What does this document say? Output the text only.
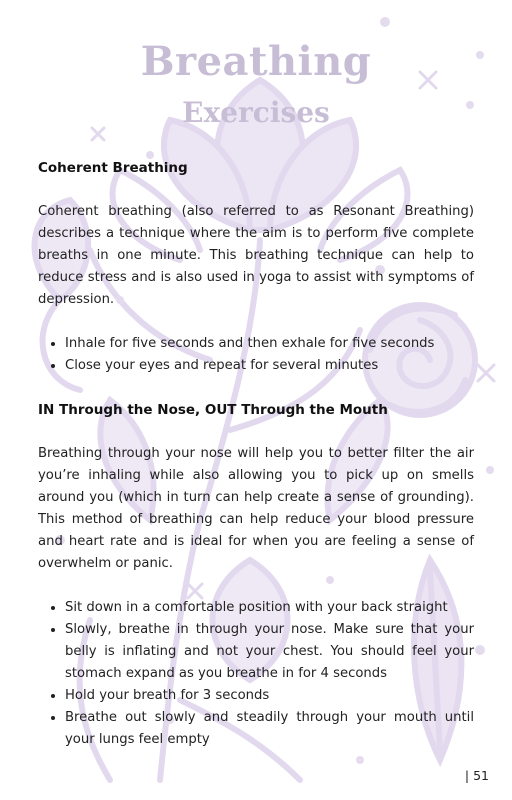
Breathing
Exercises
Coherent Breathing

Coherent breathing (also referred to as Resonant Breathing) describes a technique where the aim is to perform five complete breaths in one minute. This breathing technique can help to reduce stress and is also used in yoga to assist with symptoms of depression.

• Inhale for five seconds and then exhale for five seconds
• Close your eyes and repeat for several minutes
IN Through the Nose, OUT Through the Mouth

Breathing through your nose will help you to better filter the air you’re inhaling while also allowing you to pick up on smells around you (which in turn can help create a sense of grounding). This method of breathing can help reduce your blood pressure and heart rate and is ideal for when you are feeling a sense of overwhelm or panic.

• Sit down in a comfortable position with your back straight
• Slowly, breathe in through your nose. Make sure that your belly is inflating and not your chest. You should feel your stomach expand as you breathe in for 4 seconds
• Hold your breath for 3 seconds
• Breathe out slowly and steadily through your mouth until your lungs feel empty
| 51
